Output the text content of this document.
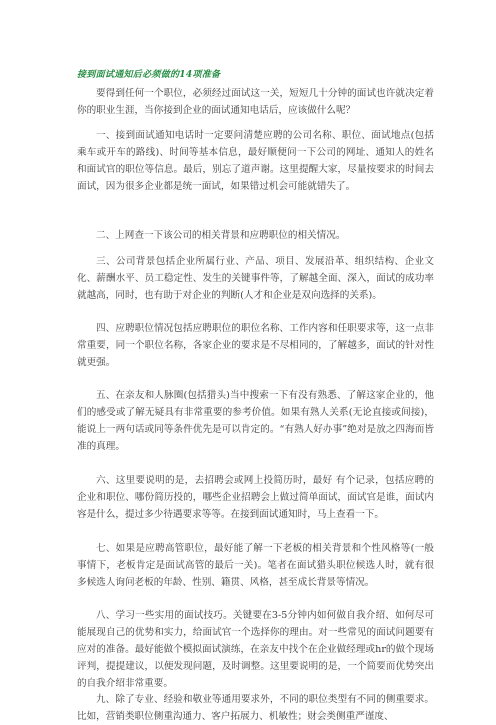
接到面试通知后必须做的14项准备

要得到任何一个职位，必须经过面试这一关，短短几十分钟的面试也许就决定着你的职业生涯，当你接到企业的面试通知电话后，应该做什么呢？

一、接到面试通知电话时一定要问清楚应聘的公司名称、职位、面试地点(包括乘车或开车的路线)、时间等基本信息，最好顺便问一下公司的网址、通知人的姓名和面试官的职位等信息。最后，别忘了道声谢。这里提醒大家，尽量按要求的时间去面试，因为很多企业都是统一面试，如果错过机会可能就错失了。

二、上网查一下该公司的相关背景和应聘职位的相关情况。

三、公司背景包括企业所属行业、产品、项目、发展沿革、组织结构、企业文化、薪酬水平、员工稳定性、发生的关键事件等，了解越全面、深入，面试的成功率就越高，同时，也有助于对企业的判断(人才和企业是双向选择的关系)。

四、应聘职位情况包括应聘职位的职位名称、工作内容和任职要求等，这一点非常重要，同一个职位名称，各家企业的要求是不尽相同的，了解越多，面试的针对性就更强。

五、在亲友和人脉圈(包括猎头)当中搜索一下有没有熟悉、了解这家企业的，他们的感受或了解无疑具有非常重要的参考价值。如果有熟人关系(无论直接或间接)，能说上一两句话或同等条件优先是可以肯定的。“有熟人好办事”绝对是放之四海而皆准的真理。

六、这里要说明的是，去招聘会或网上投简历时，最好 有个记录，包括应聘的企业和职位、哪份简历投的，哪些企业招聘会上做过简单面试，面试官是谁，面试内容是什么，提过多少待遇要求等等。在接到面试通知时，马上查看一下。

七、如果是应聘高管职位，最好能了解一下老板的相关背景和个性风格等(一般事情下，老板肯定是面试高管的最后一关)。笔者在面试猎头职位候选人时，就有很多候选人询问老板的年龄、性别、籍贯、风格，甚至成长背景等情况。

八、学习一些实用的面试技巧。关键要在3-5分钟内如何做自我介绍、如何尽可能展现自己的优势和实力，给面试官一个选择你的理由。对一些常见的面试问题要有应对的准备。最好能做个模拟面试演练，在亲友中找个在企业做经理或hr的做个现场评判，提提建议，以便发现问题，及时调整。这里要说明的是，一个简要而优势突出的自我介绍非常重要。

九、除了专业、经验和敬业等通用要求外，不同的职位类型有不同的侧重要求。比如，营销类职位侧重沟通力、客户拓展力、机敏性；财会类侧重严谨度、
